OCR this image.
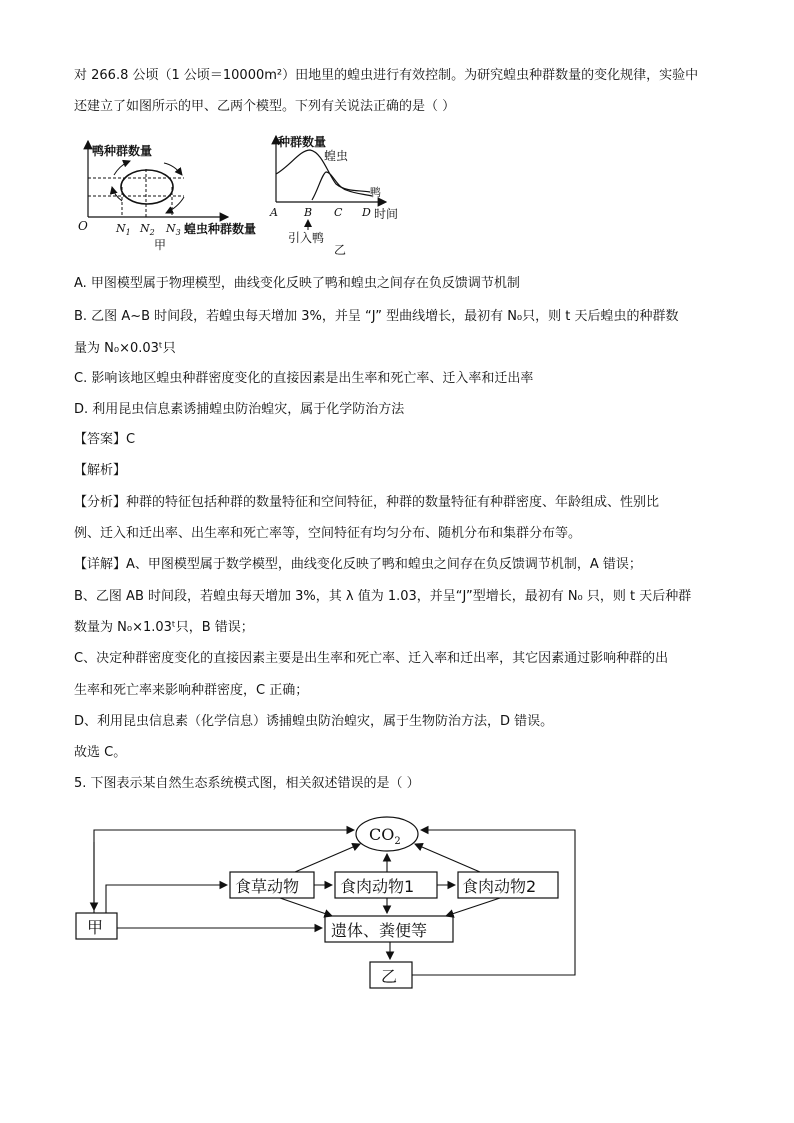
对 266.8 公顷（1 公顷＝10000m²）田地里的蝗虫进行有效控制。为研究蝗虫种群数量的变化规律，实验中
还建立了如图所示的甲、乙两个模型。下列有关说法正确的是（ ）
鸭种群数量
蝗虫种群数量
O	$N_1$ $N_2$ $N_3$
甲
种群数量
蝗虫
鸭
A B C D 时间
引入鸭
乙
A. 甲图模型属于物理模型，曲线变化反映了鸭和蝗虫之间存在负反馈调节机制
B. 乙图 A~B 时间段，若蝗虫每天增加 3%，并呈 “J” 型曲线增长，最初有 N₀只，则 t 天后蝗虫的种群数
量为 N₀×0.03ᵗ只
C. 影响该地区蝗虫种群密度变化的直接因素是出生率和死亡率、迁入率和迁出率
D. 利用昆虫信息素诱捕蝗虫防治蝗灾，属于化学防治方法
【答案】C
【解析】
【分析】种群的特征包括种群的数量特征和空间特征，种群的数量特征有种群密度、年龄组成、性别比
例、迁入和迁出率、出生率和死亡率等，空间特征有均匀分布、随机分布和集群分布等。
【详解】A、甲图模型属于数学模型，曲线变化反映了鸭和蝗虫之间存在负反馈调节机制，A 错误；
B、乙图 AB 时间段，若蝗虫每天增加 3%，其 λ 值为 1.03，并呈“J”型增长，最初有 N₀ 只，则 t 天后种群
数量为 N₀×1.03ᵗ只，B 错误；
C、决定种群密度变化的直接因素主要是出生率和死亡率、迁入率和迁出率，其它因素通过影响种群的出
生率和死亡率来影响种群密度，C 正确；
D、利用昆虫信息素（化学信息）诱捕蝗虫防治蝗灾，属于生物防治方法，D 错误。
故选 C。
5. 下图表示某自然生态系统模式图，相关叙述错误的是（ ）
$CO_2$
食草动物	食肉动物1	食肉动物2
甲	遗体、粪便等
乙
